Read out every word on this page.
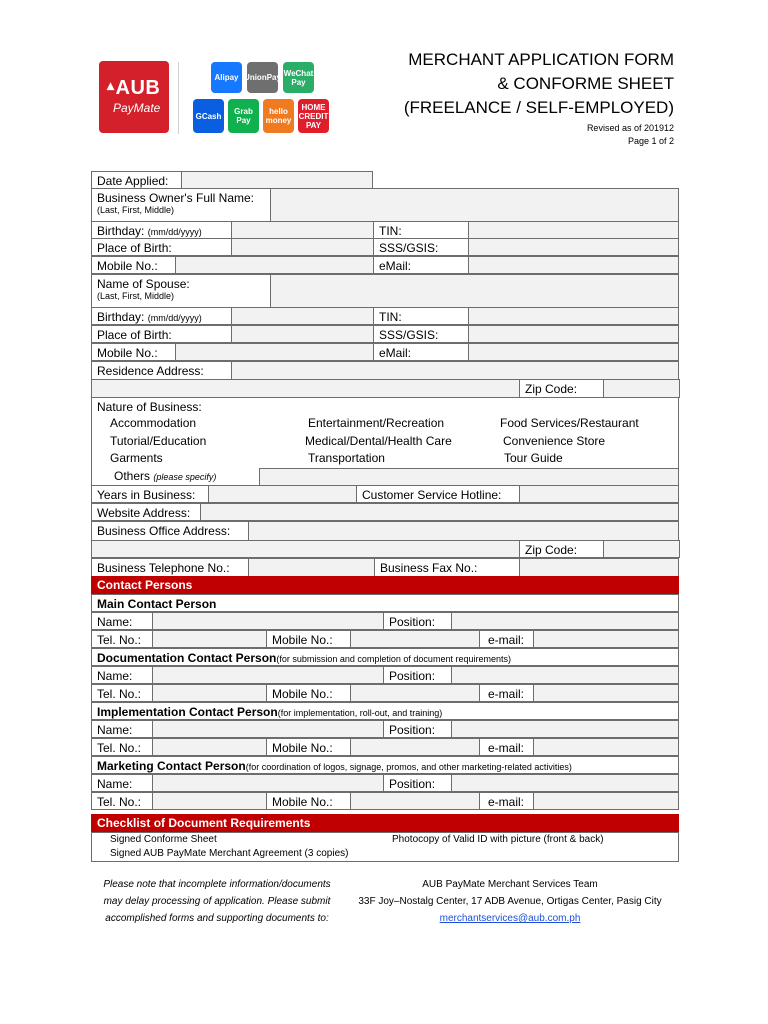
▴AUB
PayMate
Alipay UnionPay WeChat Pay
GCash	Grab Pay
hello money
HOME CREDIT PAY
MERCHANT APPLICATION FORM
& CONFORME SHEET
(FREELANCE / SELF-EMPLOYED)
Revised as of 201912
Page 1 of 2
Date Applied:
Business Owner's Full Name:
(Last, First, Middle)
Birthday: (mm/dd/yyyy)	TIN:
Place of Birth:	SSS/GSIS:
Mobile No.:	eMail:
Name of Spouse:
(Last, First, Middle)
Birthday: (mm/dd/yyyy)	TIN:
Place of Birth:	SSS/GSIS:
Mobile No.:	eMail:
Residence Address:
Zip Code:
Nature of Business:
Accommodation	Entertainment/Recreation	Food Services/Restaurant
Tutorial/Education	Medical/Dental/Health Care	Convenience Store
Garments	Transportation	Tour Guide
Others (please specify)
Years in Business:	Customer Service Hotline:
Website Address:
Business Office Address:
Zip Code:
Business Telephone No.:	Business Fax No.:
Contact Persons
Main Contact Person
Name:	Position:
Tel. No.:	Mobile No.:	e-mail:
Documentation Contact Person(for submission and completion of document requirements)
Name:	Position:
Tel. No.:	Mobile No.:	e-mail:
Implementation Contact Person(for implementation, roll-out, and training)
Name:	Position:
Tel. No.:	Mobile No.:	e-mail:
Marketing Contact Person(for coordination of logos, signage, promos, and other marketing-related activities)
Name:	Position:
Tel. No.:	Mobile No.:	e-mail:
Checklist of Document Requirements
Signed Conforme Sheet	Photocopy of Valid ID with picture (front & back)
Signed AUB PayMate Merchant Agreement (3 copies)
Please note that incomplete information/documents
may delay processing of application. Please submit
accomplished forms and supporting documents to:
AUB PayMate Merchant Services Team
33F Joy–Nostalg Center, 17 ADB Avenue, Ortigas Center, Pasig City
merchantservices@aub.com.ph
